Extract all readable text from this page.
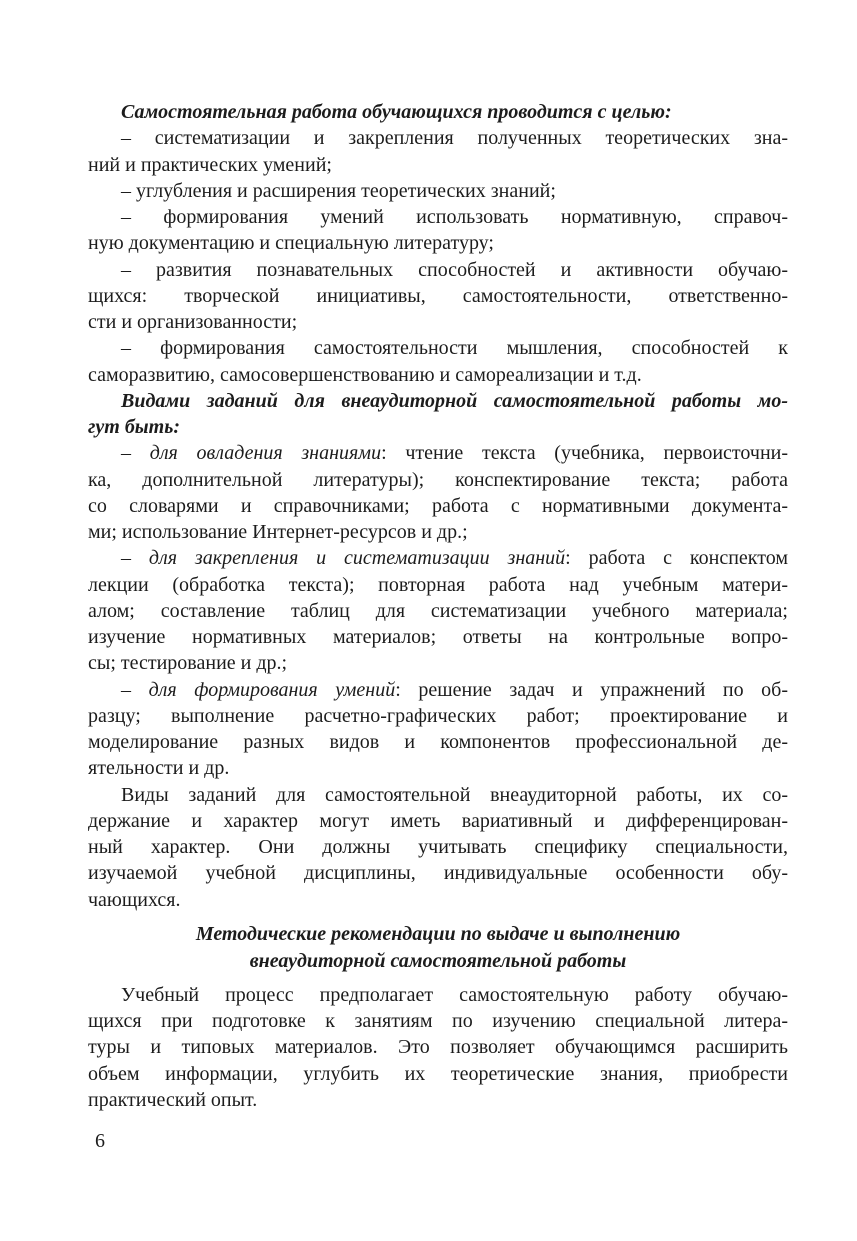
Самостоятельная работа обучающихся проводится с целью:
– систематизации и закрепления полученных теоретических зна-
ний и практических умений;
– углубления и расширения теоретических знаний;
– формирования умений использовать нормативную, справоч-
ную документацию и специальную литературу;
– развития познавательных способностей и активности обучаю-
щихся: творческой инициативы, самостоятельности, ответственно-
сти и организованности;
– формирования самостоятельности мышления, способностей к
саморазвитию, самосовершенствованию и самореализации и т.д.
Видами заданий для внеаудиторной самостоятельной работы мо-
гут быть:
– для овладения знаниями: чтение текста (учебника, первоисточни-
ка, дополнительной литературы); конспектирование текста; работа
со словарями и справочниками; работа с нормативными документа-
ми; использование Интернет-ресурсов и др.;
– для закрепления и систематизации знаний: работа с конспектом
лекции (обработка текста); повторная работа над учебным матери-
алом; составление таблиц для систематизации учебного материала;
изучение нормативных материалов; ответы на контрольные вопро-
сы; тестирование и др.;
– для формирования умений: решение задач и упражнений по об-
разцу; выполнение расчетно-графических работ; проектирование и
моделирование разных видов и компонентов профессиональной де-
ятельности и др.
Виды заданий для самостоятельной внеаудиторной работы, их со-
держание и характер могут иметь вариативный и дифференцирован-
ный характер. Они должны учитывать специфику специальности,
изучаемой учебной дисциплины, индивидуальные особенности обу-
чающихся.
Методические рекомендации по выдаче и выполнению
внеаудиторной самостоятельной работы
Учебный процесс предполагает самостоятельную работу обучаю-
щихся при подготовке к занятиям по изучению специальной литера-
туры и типовых материалов. Это позволяет обучающимся расширить
объем информации, углубить их теоретические знания, приобрести
практический опыт.
6
